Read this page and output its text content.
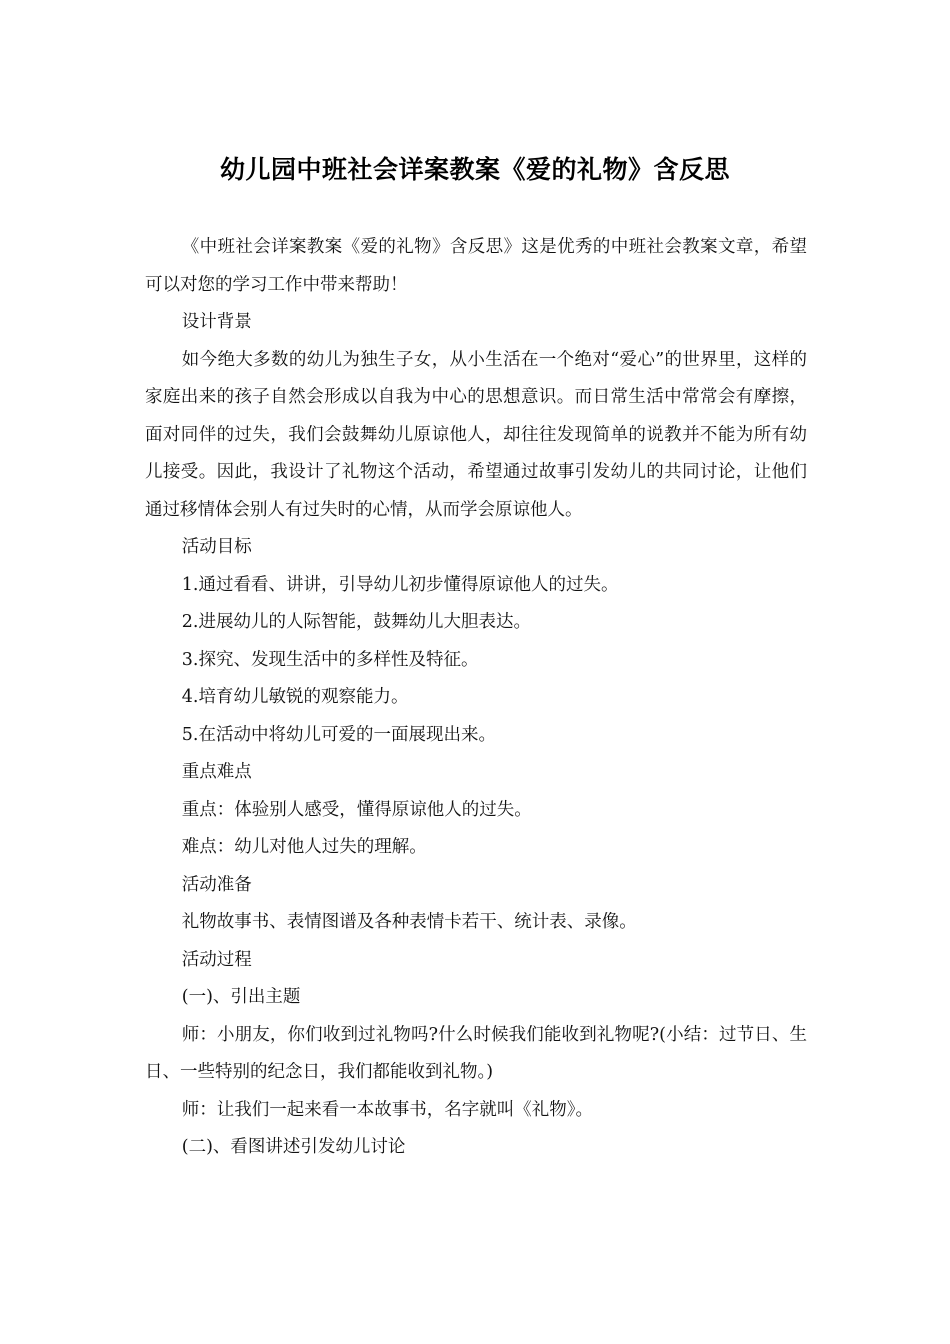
幼儿园中班社会详案教案《爱的礼物》含反思

《中班社会详案教案《爱的礼物》含反思》这是优秀的中班社会教案文章，希望可以对您的学习工作中带来帮助！

设计背景

如今绝大多数的幼儿为独生子女，从小生活在一个绝对“爱心”的世界里，这样的家庭出来的孩子自然会形成以自我为中心的思想意识。而日常生活中常常会有摩擦，面对同伴的过失，我们会鼓舞幼儿原谅他人，却往往发现简单的说教并不能为所有幼儿接受。因此，我设计了礼物这个活动，希望通过故事引发幼儿的共同讨论，让他们通过移情体会别人有过失时的心情，从而学会原谅他人。

活动目标

1.通过看看、讲讲，引导幼儿初步懂得原谅他人的过失。

2.进展幼儿的人际智能，鼓舞幼儿大胆表达。

3.探究、发现生活中的多样性及特征。

4.培育幼儿敏锐的观察能力。

5.在活动中将幼儿可爱的一面展现出来。

重点难点

重点：体验别人感受，懂得原谅他人的过失。

难点：幼儿对他人过失的理解。

活动准备

礼物故事书、表情图谱及各种表情卡若干、统计表、录像。

活动过程

(一)、引出主题

师：小朋友，你们收到过礼物吗?什么时候我们能收到礼物呢?(小结：过节日、生日、一些特别的纪念日，我们都能收到礼物。)

师：让我们一起来看一本故事书，名字就叫《礼物》。

(二)、看图讲述引发幼儿讨论
